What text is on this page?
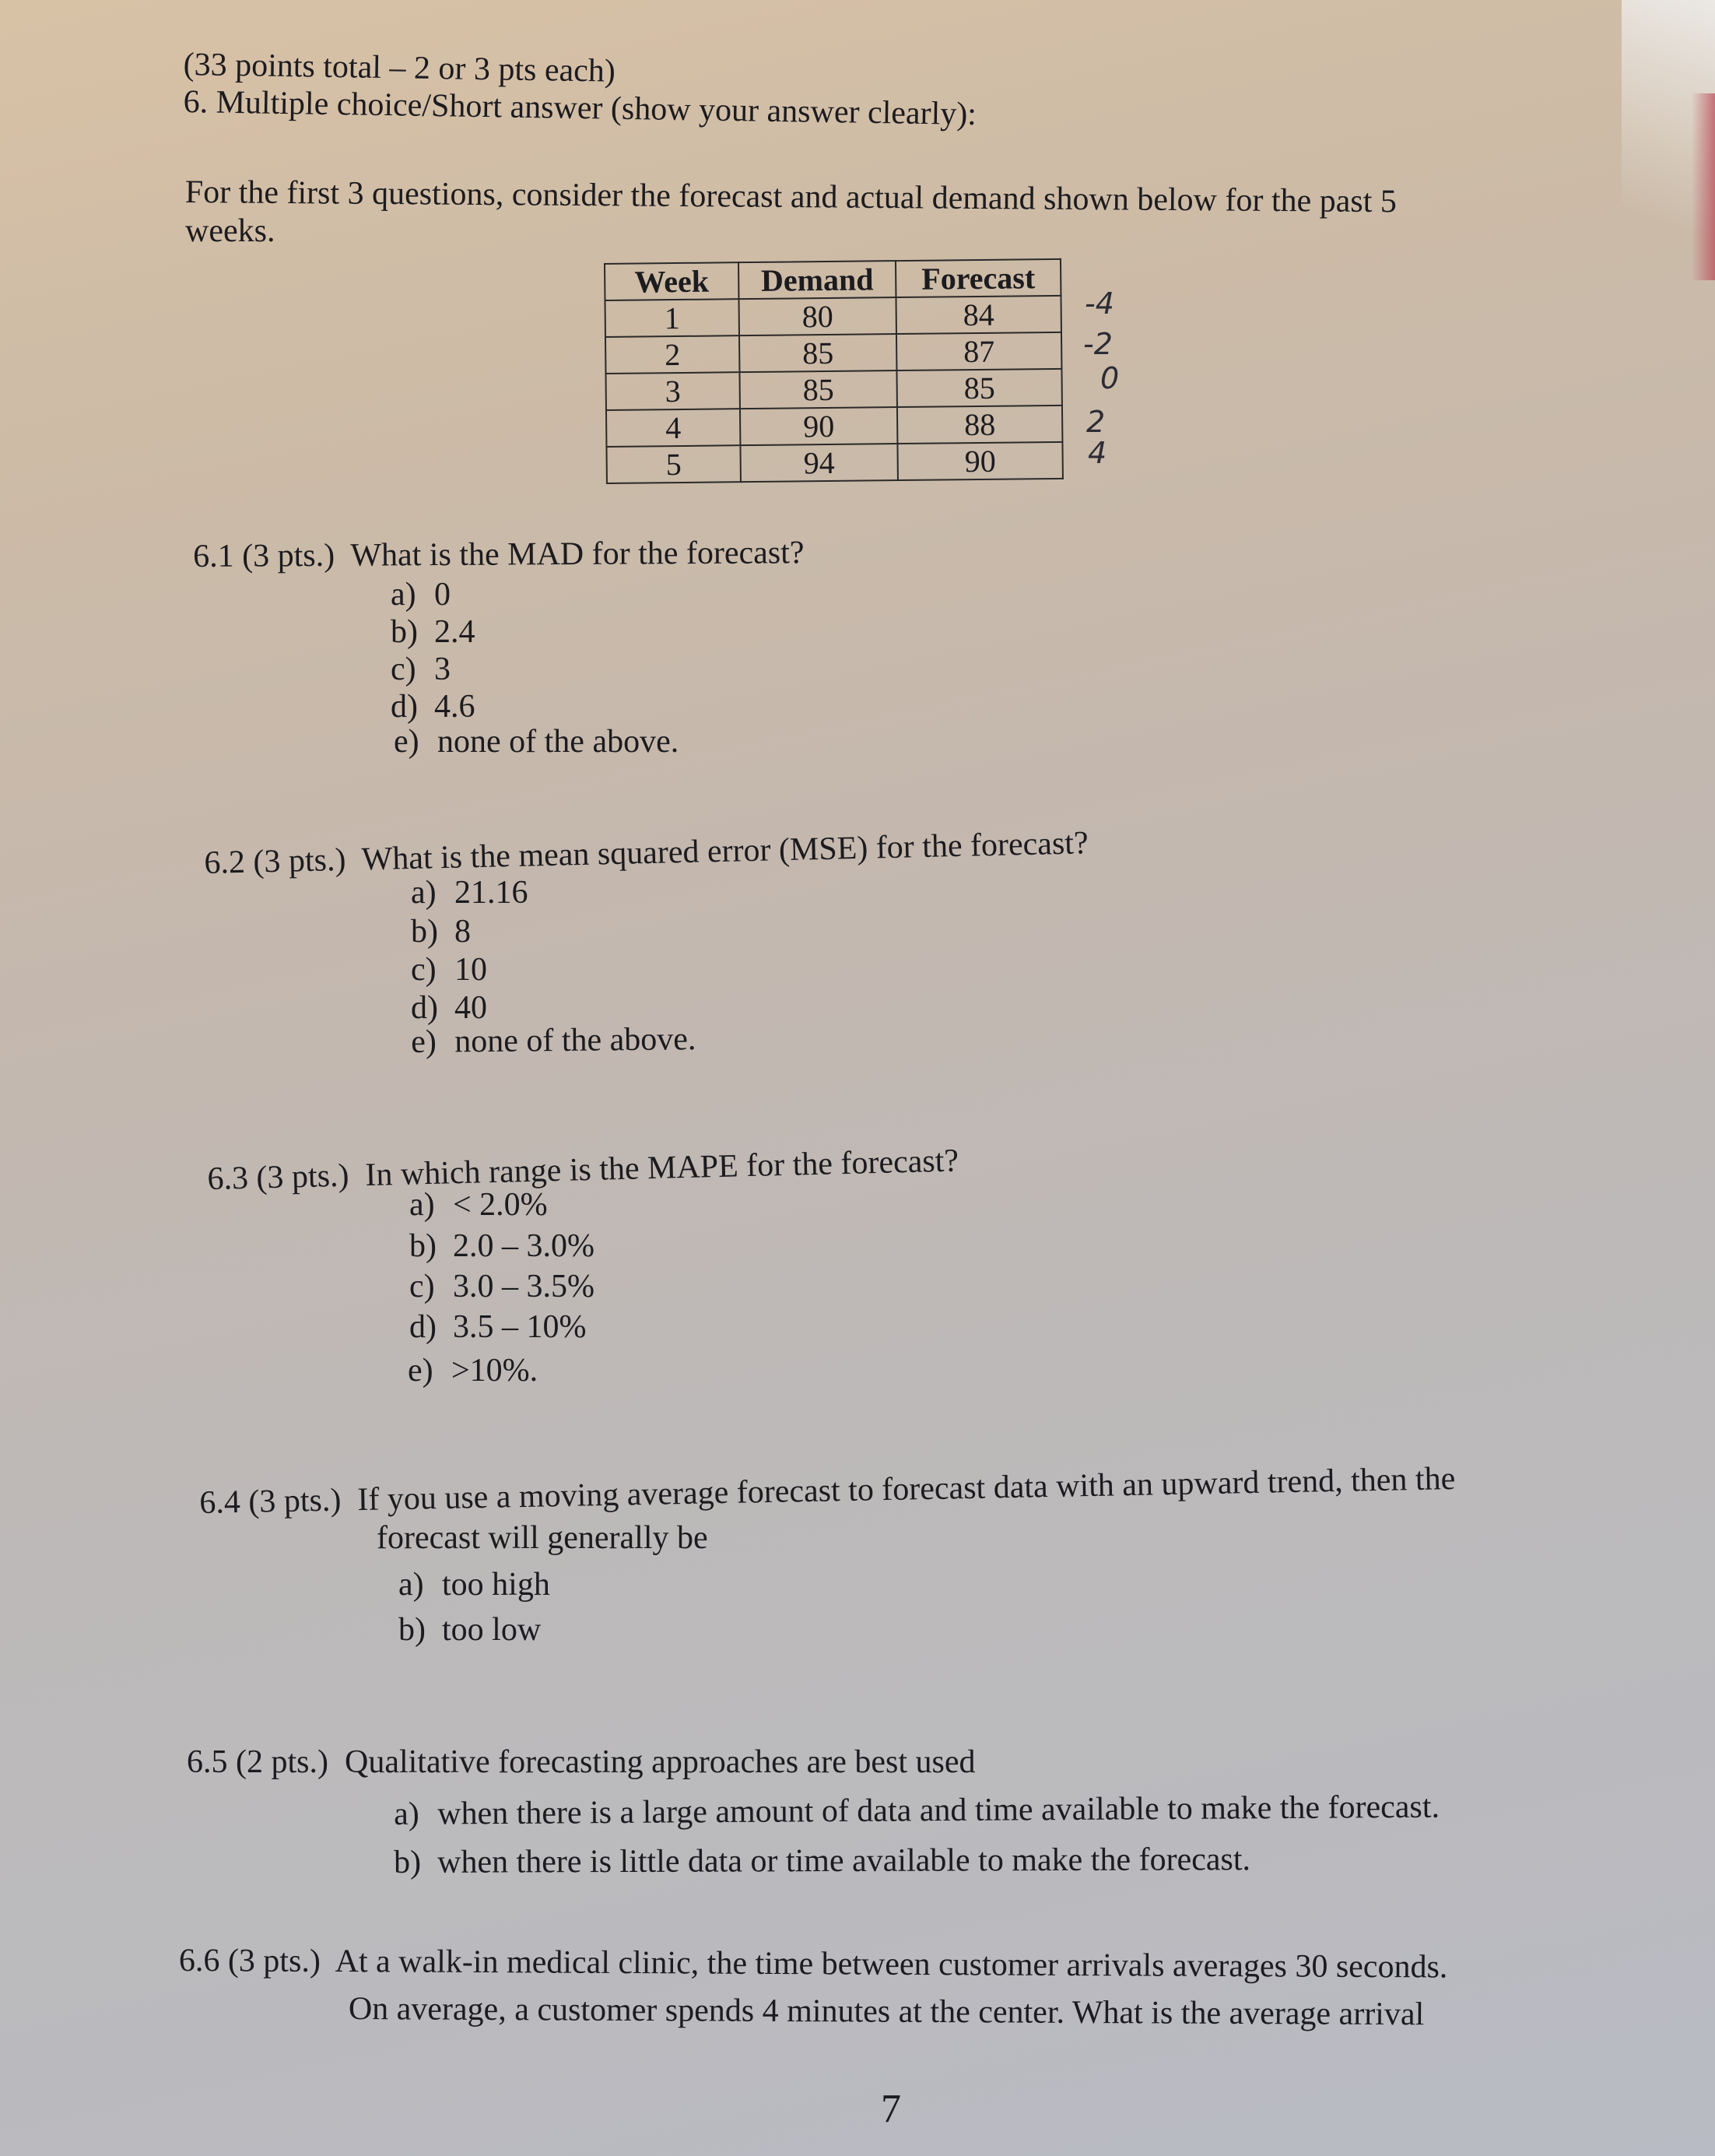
(33 points total – 2 or 3 pts each)
6. Multiple choice/Short answer (show your answer clearly):
For the first 3 questions, consider the forecast and actual demand shown below for the past 5
weeks.
Week	Demand	Forecast
1	80	84
2	85	87
3	85	85
4	90	88
5	94	90
-4
-2
0
2
4
6.1 (3 pts.) What is the MAD for the forecast?
a) 0
b) 2.4
c) 3
d) 4.6
e) none of the above.
6.2 (3 pts.) What is the mean squared error (MSE) for the forecast?
a) 21.16
b) 8
c) 10
d) 40
e) none of the above.
6.3 (3 pts.) In which range is the MAPE for the forecast?
a) < 2.0%
b) 2.0 – 3.0%
c) 3.0 – 3.5%
d) 3.5 – 10%
e) >10%.
6.4 (3 pts.) If you use a moving average forecast to forecast data with an upward trend, then the
forecast will generally be
a) too high
b) too low
6.5 (2 pts.) Qualitative forecasting approaches are best used
a) when there is a large amount of data and time available to make the forecast.
b) when there is little data or time available to make the forecast.
6.6 (3 pts.) At a walk-in medical clinic, the time between customer arrivals averages 30 seconds.
On average, a customer spends 4 minutes at the center. What is the average arrival
7
